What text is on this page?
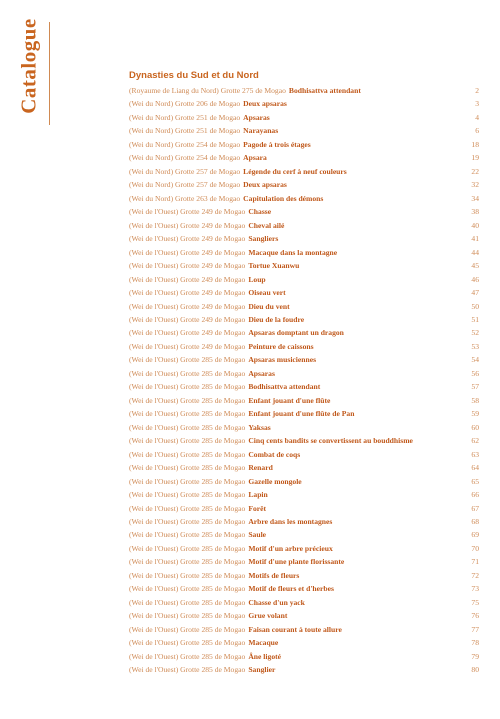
Catalogue	Dynasties du Sud et du Nord
(Royaume de Liang du Nord) Grotte 275 de Mogao Bodhisattva attendant	2
(Wei du Nord) Grotte 206 de Mogao Deux apsaras	3
(Wei du Nord) Grotte 251 de Mogao Apsaras	4
(Wei du Nord) Grotte 251 de Mogao Narayanas	6
(Wei du Nord) Grotte 254 de Mogao Pagode à trois étages	18
(Wei du Nord) Grotte 254 de Mogao Apsara	19
(Wei du Nord) Grotte 257 de Mogao Légende du cerf à neuf couleurs	22
(Wei du Nord) Grotte 257 de Mogao Deux apsaras	32
(Wei du Nord) Grotte 263 de Mogao Capitulation des démons	34
(Wei de l'Ouest) Grotte 249 de Mogao Chasse	38
(Wei de l'Ouest) Grotte 249 de Mogao Cheval ailé	40
(Wei de l'Ouest) Grotte 249 de Mogao Sangliers	41
(Wei de l'Ouest) Grotte 249 de Mogao Macaque dans la montagne	44
(Wei de l'Ouest) Grotte 249 de Mogao Tortue Xuanwu	45
(Wei de l'Ouest) Grotte 249 de Mogao Loup	46
(Wei de l'Ouest) Grotte 249 de Mogao Oiseau vert	47
(Wei de l'Ouest) Grotte 249 de Mogao Dieu du vent	50
(Wei de l'Ouest) Grotte 249 de Mogao Dieu de la foudre	51
(Wei de l'Ouest) Grotte 249 de Mogao Apsaras domptant un dragon	52
(Wei de l'Ouest) Grotte 249 de Mogao Peinture de caissons	53
(Wei de l'Ouest) Grotte 285 de Mogao Apsaras musiciennes	54
(Wei de l'Ouest) Grotte 285 de Mogao Apsaras	56
(Wei de l'Ouest) Grotte 285 de Mogao Bodhisattva attendant	57
(Wei de l'Ouest) Grotte 285 de Mogao Enfant jouant d'une flûte	58
(Wei de l'Ouest) Grotte 285 de Mogao Enfant jouant d'une flûte de Pan	59
(Wei de l'Ouest) Grotte 285 de Mogao Yaksas	60
(Wei de l'Ouest) Grotte 285 de Mogao Cinq cents bandits se convertissent au bouddhisme	62
(Wei de l'Ouest) Grotte 285 de Mogao Combat de coqs	63
(Wei de l'Ouest) Grotte 285 de Mogao Renard	64
(Wei de l'Ouest) Grotte 285 de Mogao Gazelle mongole	65
(Wei de l'Ouest) Grotte 285 de Mogao Lapin	66
(Wei de l'Ouest) Grotte 285 de Mogao Forêt	67
(Wei de l'Ouest) Grotte 285 de Mogao Arbre dans les montagnes	68
(Wei de l'Ouest) Grotte 285 de Mogao Saule	69
(Wei de l'Ouest) Grotte 285 de Mogao Motif d'un arbre précieux	70
(Wei de l'Ouest) Grotte 285 de Mogao Motif d'une plante florissante	71
(Wei de l'Ouest) Grotte 285 de Mogao Motifs de fleurs	72
(Wei de l'Ouest) Grotte 285 de Mogao Motif de fleurs et d'herbes	73
(Wei de l'Ouest) Grotte 285 de Mogao Chasse d'un yack	75
(Wei de l'Ouest) Grotte 285 de Mogao Grue volant	76
(Wei de l'Ouest) Grotte 285 de Mogao Faisan courant à toute allure	77
(Wei de l'Ouest) Grotte 285 de Mogao Macaque	78
(Wei de l'Ouest) Grotte 285 de Mogao Âne ligoté	79
(Wei de l'Ouest) Grotte 285 de Mogao Sanglier	80
